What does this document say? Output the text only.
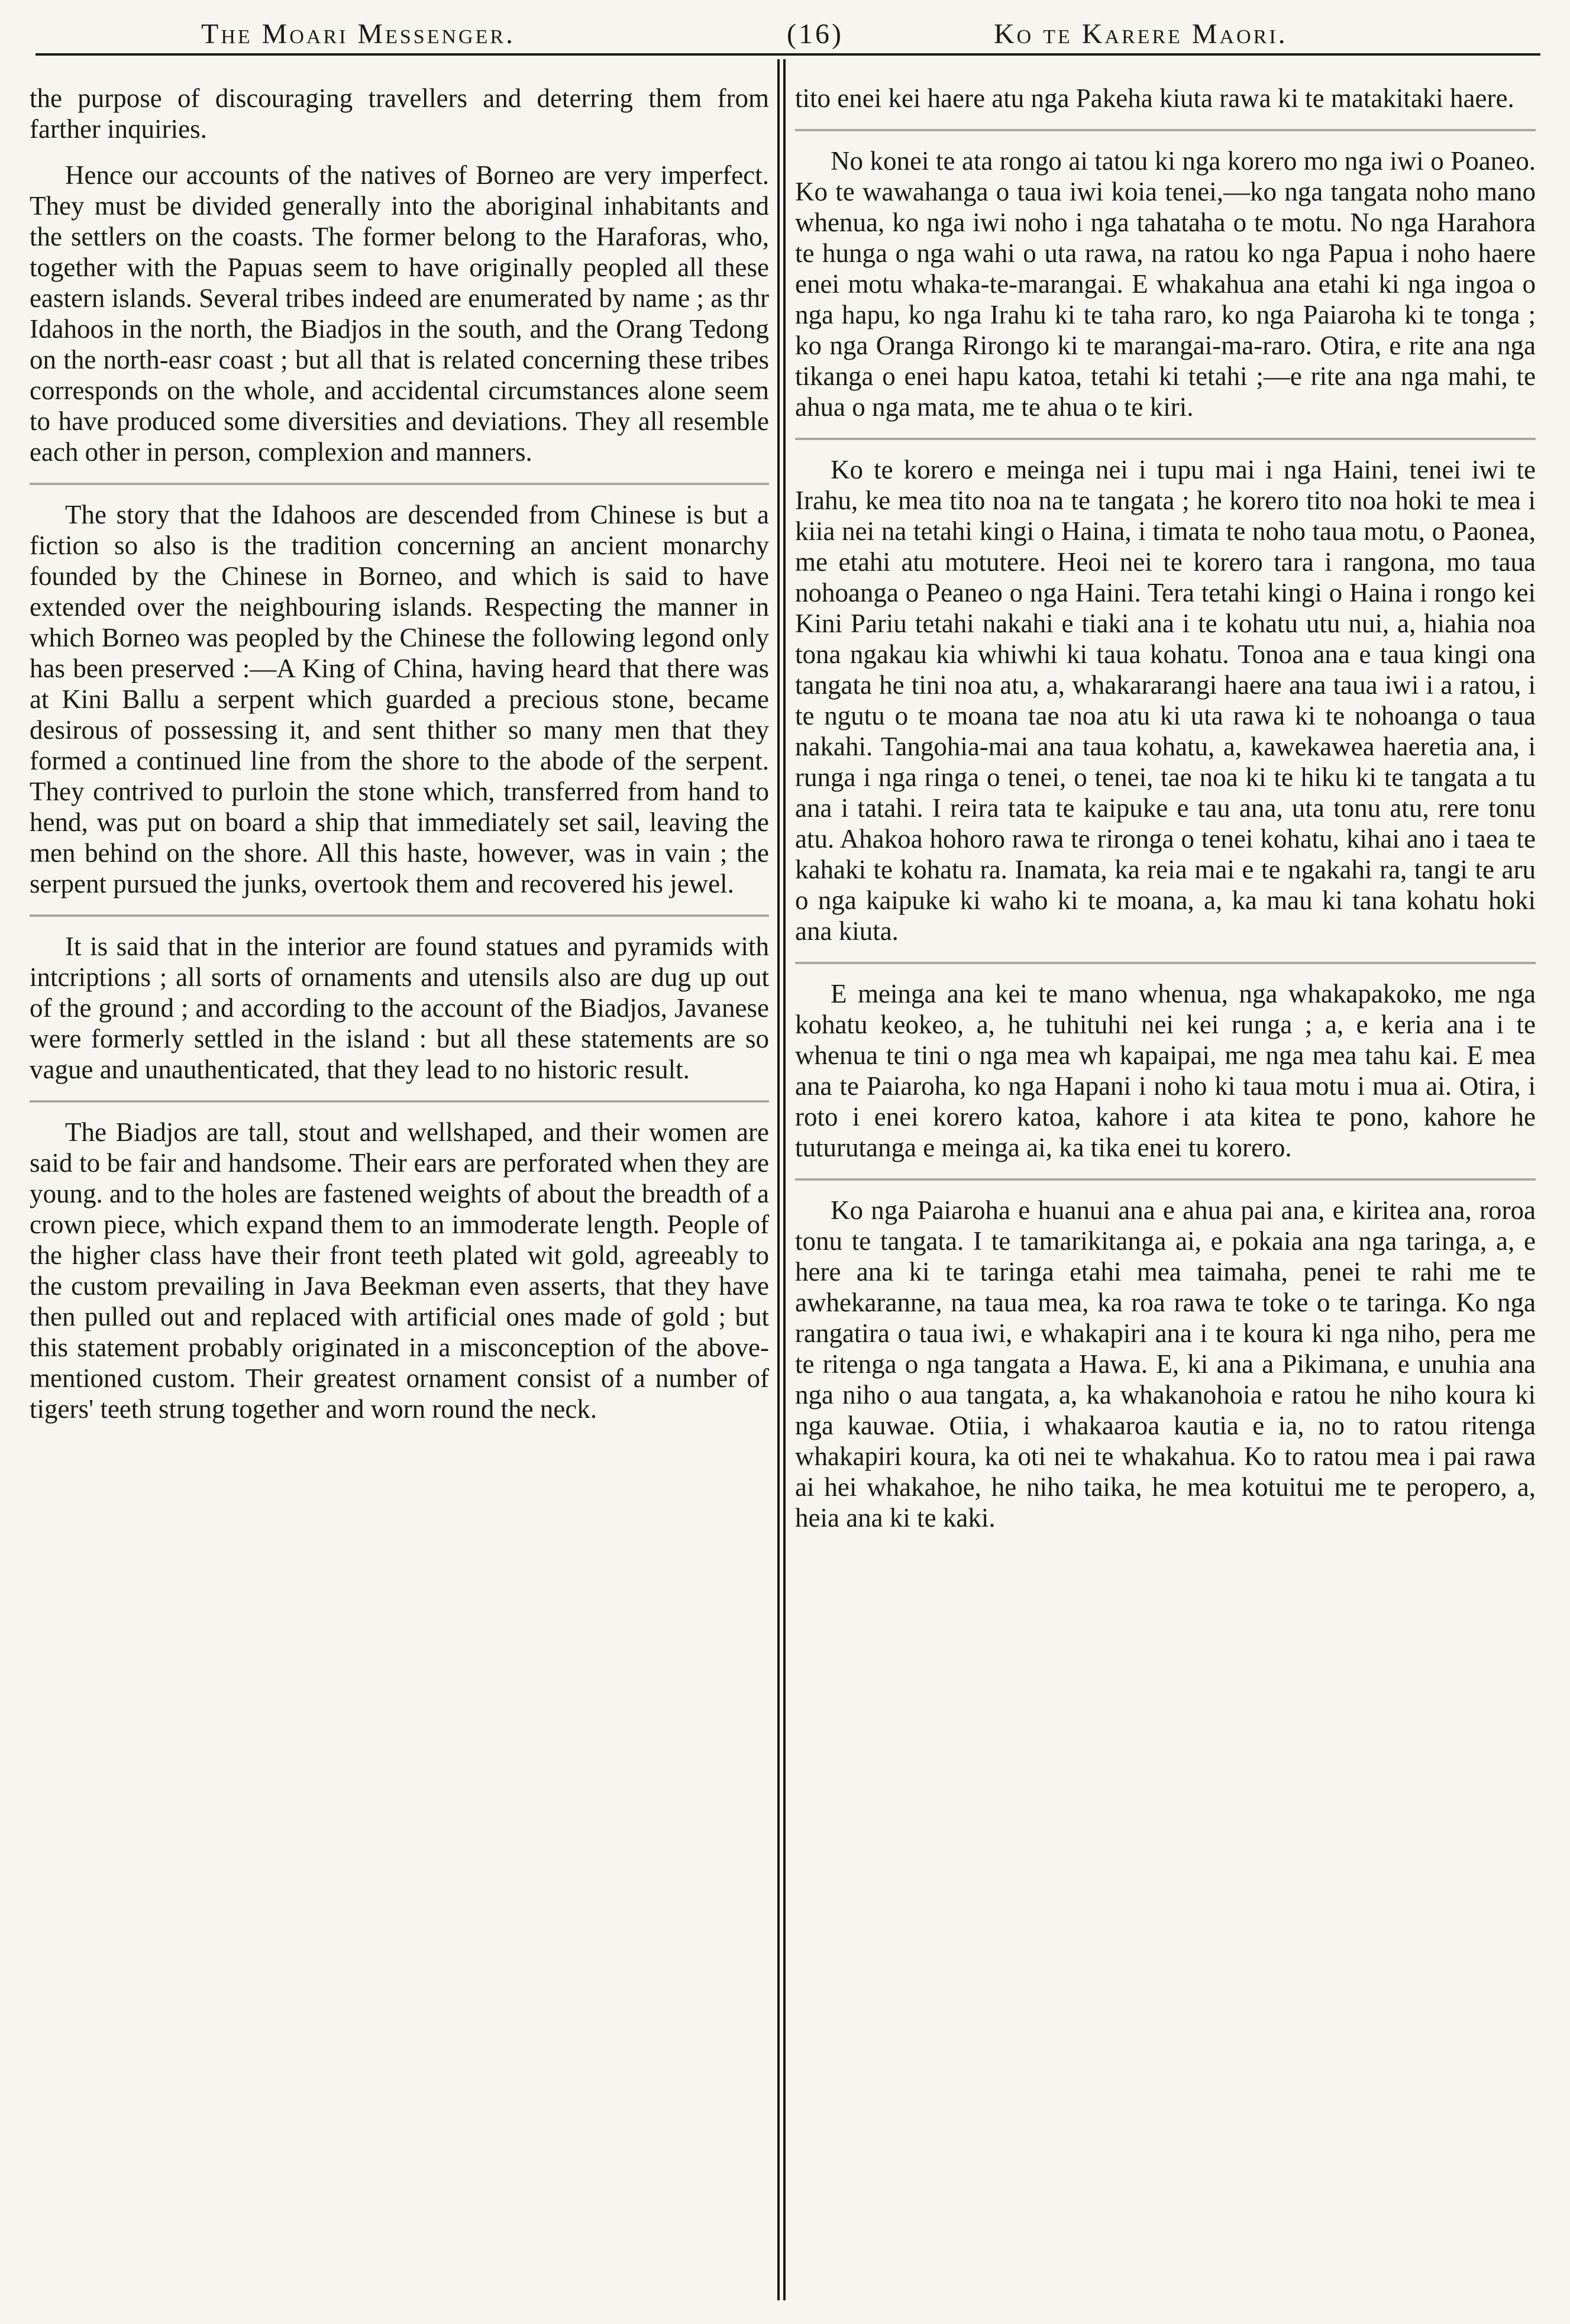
The Moari Messenger.	(16)	Ko te Karere Maori.

the purpose of discouraging travellers and deterring them from farther inquiries.

Hence our accounts of the natives of Borneo are very imperfect. They must be divided generally into the aboriginal inhabitants and the settlers on the coasts. The former belong to the Haraforas, who, together with the Papuas seem to have originally peopled all these eastern islands. Several tribes indeed are enumerated by name ; as thr Idahoos in the north, the Biadjos in the south, and the Orang Tedong on the north-easr coast ; but all that is related concerning these tribes corresponds on the whole, and accidental circumstances alone seem to have produced some diversities and deviations. They all resemble each other in person, complexion and manners.

The story that the Idahoos are descended from Chinese is but a fiction so also is the tradition concerning an ancient monarchy founded by the Chinese in Borneo, and which is said to have extended over the neighbouring islands. Respecting the manner in which Borneo was peopled by the Chinese the following legond only has been preserved :—A King of China, having heard that there was at Kini Ballu a serpent which guarded a precious stone, became desirous of possessing it, and sent thither so many men that they formed a continued line from the shore to the abode of the serpent. They contrived to purloin the stone which, transferred from hand to hend, was put on board a ship that immediately set sail, leaving the men behind on the shore. All this haste, however, was in vain ; the serpent pursued the junks, overtook them and recovered his jewel.

It is said that in the interior are found statues and pyramids with intcriptions ; all sorts of ornaments and utensils also are dug up out of the ground ; and according to the account of the Biadjos, Javanese were formerly settled in the island : but all these statements are so vague and unauthenticated, that they lead to no historic result.

The Biadjos are tall, stout and wellshaped, and their women are said to be fair and handsome. Their ears are perforated when they are young. and to the holes are fastened weights of about the breadth of a crown piece, which expand them to an immoderate length. People of the higher class have their front teeth plated wit gold, agreeably to the custom prevailing in Java Beekman even asserts, that they have then pulled out and replaced with artificial ones made of gold ; but this statement probably originated in a misconception of the above-mentioned custom. Their greatest ornament consist of a number of tigers' teeth strung together and worn round the neck.

tito enei kei haere atu nga Pakeha kiuta rawa ki te matakitaki haere.

No konei te ata rongo ai tatou ki nga korero mo nga iwi o Poaneo. Ko te wawahanga o taua iwi koia tenei,—ko nga tangata noho mano whenua, ko nga iwi noho i nga tahataha o te motu. No nga Harahora te hunga o nga wahi o uta rawa, na ratou ko nga Papua i noho haere enei motu whaka-te-marangai. E whakahua ana etahi ki nga ingoa o nga hapu, ko nga Irahu ki te taha raro, ko nga Paiaroha ki te tonga ; ko nga Oranga Rirongo ki te marangai-ma-raro. Otira, e rite ana nga tikanga o enei hapu katoa, tetahi ki tetahi ;—e rite ana nga mahi, te ahua o nga mata, me te ahua o te kiri.

Ko te korero e meinga nei i tupu mai i nga Haini, tenei iwi te Irahu, ke mea tito noa na te tangata ; he korero tito noa hoki te mea i kiia nei na tetahi kingi o Haina, i timata te noho taua motu, o Paonea, me etahi atu motutere. Heoi nei te korero tara i rangona, mo taua nohoanga o Peaneo o nga Haini. Tera tetahi kingi o Haina i rongo kei Kini Pariu tetahi nakahi e tiaki ana i te kohatu utu nui, a, hiahia noa tona ngakau kia whiwhi ki taua kohatu. Tonoa ana e taua kingi ona tangata he tini noa atu, a, whakararangi haere ana taua iwi i a ratou, i te ngutu o te moana tae noa atu ki uta rawa ki te nohoanga o taua nakahi. Tangohia-mai ana taua kohatu, a, kawekawea haeretia ana, i runga i nga ringa o tenei, o tenei, tae noa ki te hiku ki te tangata a tu ana i tatahi. I reira tata te kaipuke e tau ana, uta tonu atu, rere tonu atu. Ahakoa hohoro rawa te rironga o tenei kohatu, kihai ano i taea te kahaki te kohatu ra. Inamata, ka reia mai e te ngakahi ra, tangi te aru o nga kaipuke ki waho ki te moana, a, ka mau ki tana kohatu hoki ana kiuta.

E meinga ana kei te mano whenua, nga whakapakoko, me nga kohatu keokeo, a, he tuhituhi nei kei runga ; a, e keria ana i te whenua te tini o nga mea wh kapaipai, me nga mea tahu kai. E mea ana te Paiaroha, ko nga Hapani i noho ki taua motu i mua ai. Otira, i roto i enei korero katoa, kahore i ata kitea te pono, kahore he tuturutanga e meinga ai, ka tika enei tu korero.

Ko nga Paiaroha e huanui ana e ahua pai ana, e kiritea ana, roroa tonu te tangata. I te tamarikitanga ai, e pokaia ana nga taringa, a, e here ana ki te taringa etahi mea taimaha, penei te rahi me te awhekaranne, na taua mea, ka roa rawa te toke o te taringa. Ko nga rangatira o taua iwi, e whakapiri ana i te koura ki nga niho, pera me te ritenga o nga tangata a Hawa. E, ki ana a Pikimana, e unuhia ana nga niho o aua tangata, a, ka whakanohoia e ratou he niho koura ki nga kauwae. Otiia, i whakaaroa kautia e ia, no to ratou ritenga whakapiri koura, ka oti nei te whakahua. Ko to ratou mea i pai rawa ai hei whakahoe, he niho taika, he mea kotuitui me te peropero, a, heia ana ki te kaki.
